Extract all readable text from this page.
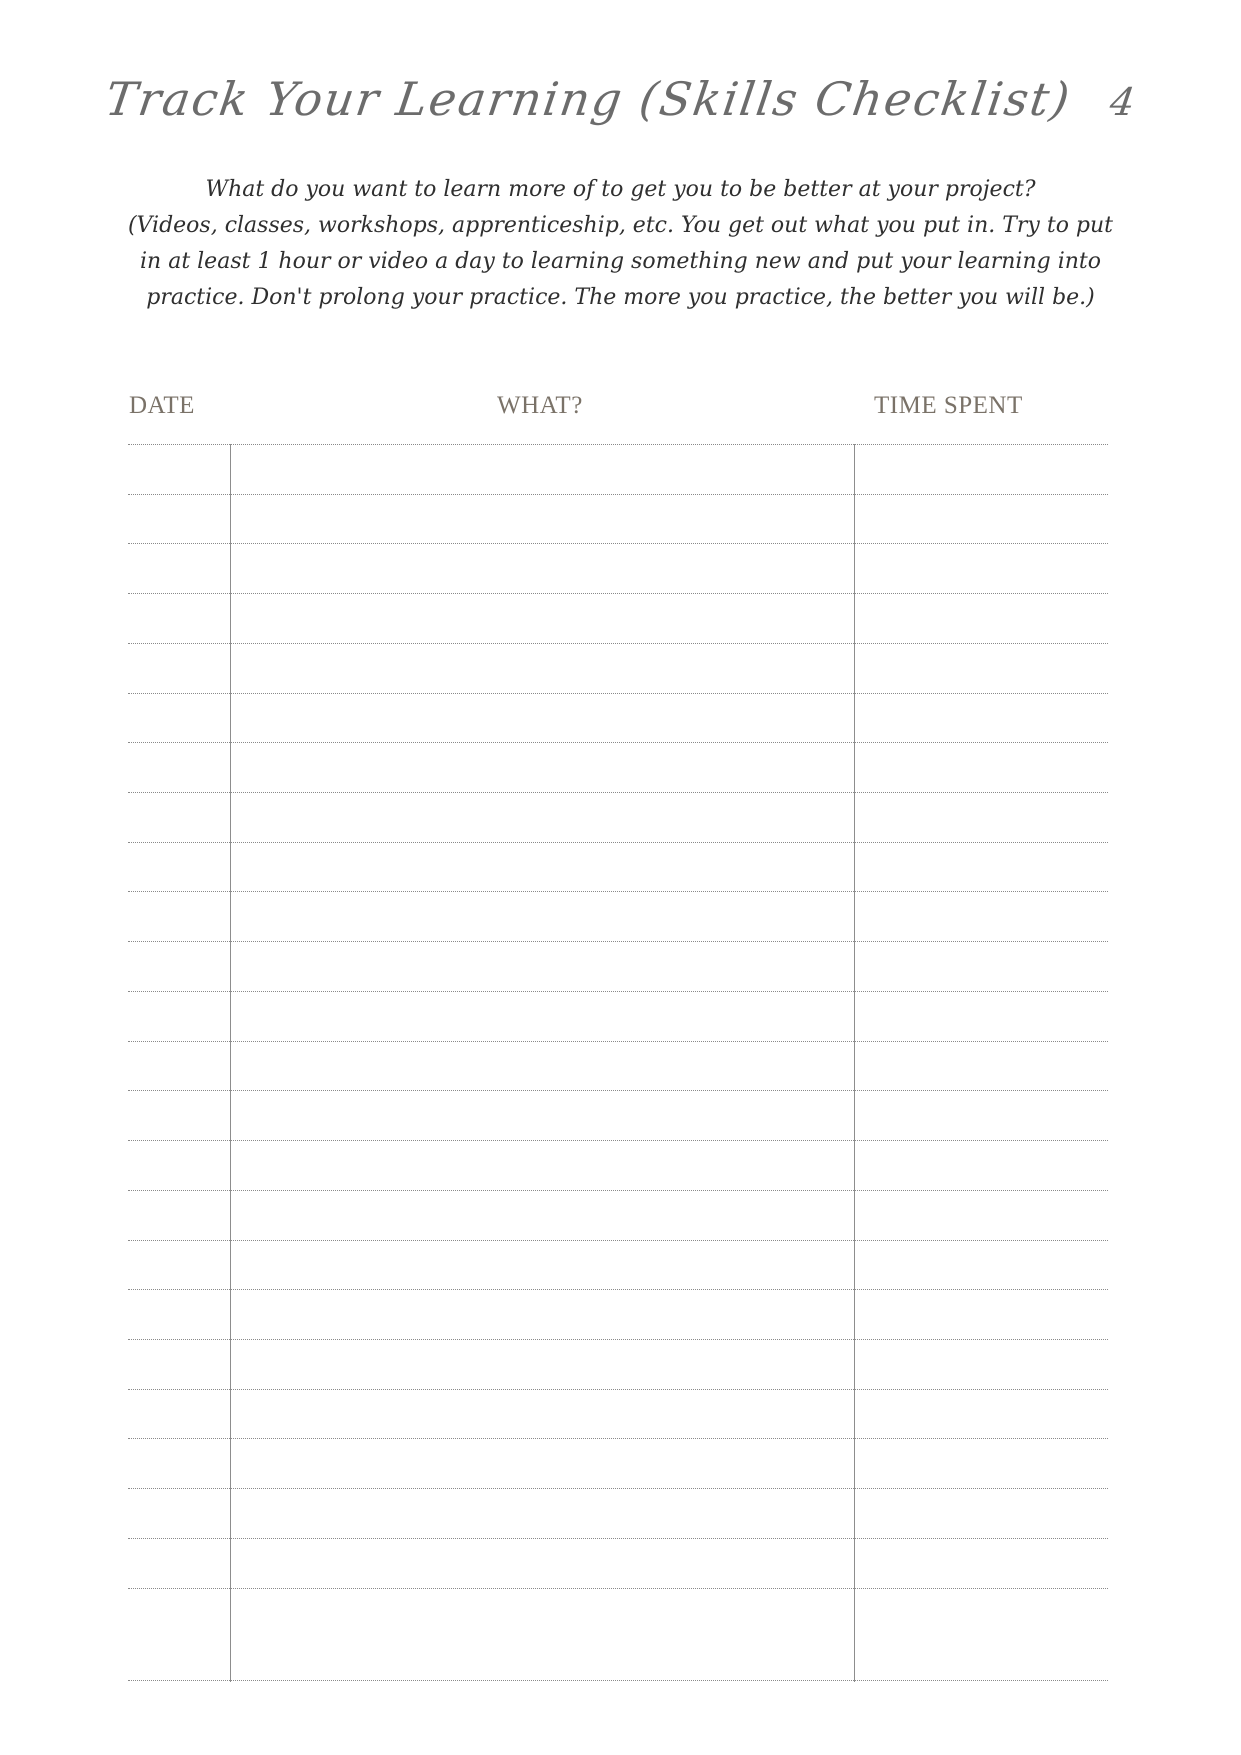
Track Your Learning (Skills Checklist) 4

What do you want to learn more of to get you to be better at your project?

(Videos, classes, workshops, apprenticeship, etc. You get out what you put in. Try to put

in at least 1 hour or video a day to learning something new and put your learning into

practice. Don't prolong your practice. The more you practice, the better you will be.)

DATE	WHAT?	TIME SPENT
